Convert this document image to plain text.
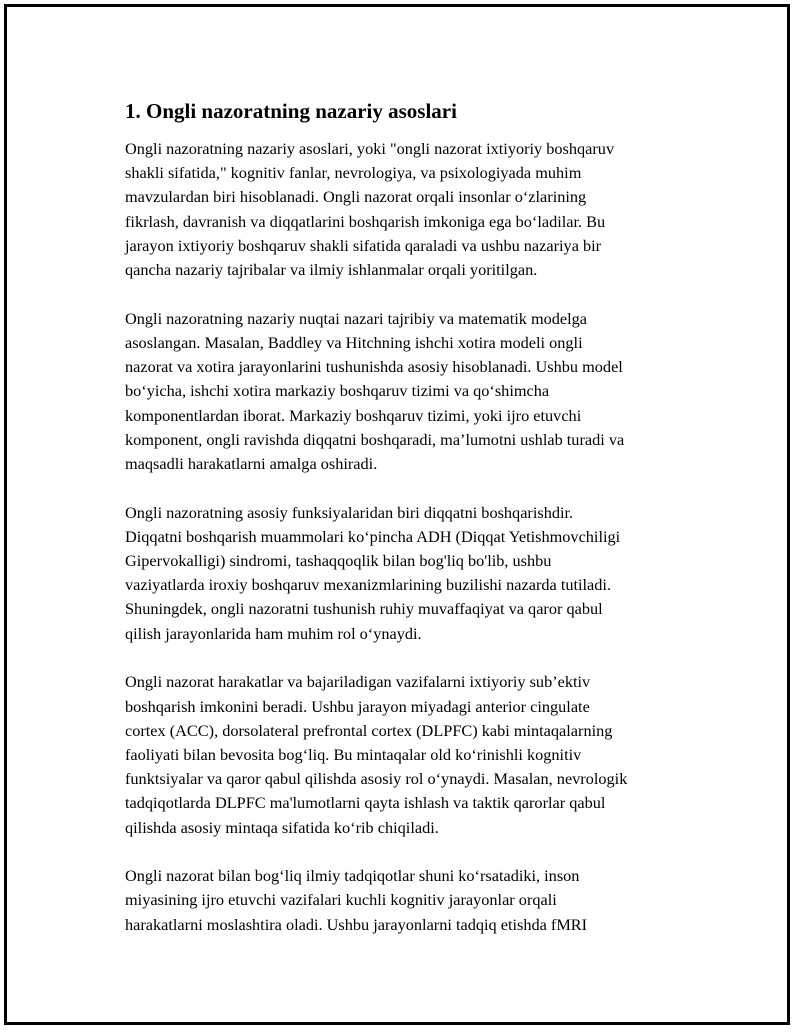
1. Ongli nazoratning nazariy asoslari

Ongli nazoratning nazariy asoslari, yoki "ongli nazorat ixtiyoriy boshqaruv
shakli sifatida," kognitiv fanlar, nevrologiya, va psixologiyada muhim
mavzulardan biri hisoblanadi. Ongli nazorat orqali insonlar o‘zlarining
fikrlash, davranish va diqqatlarini boshqarish imkoniga ega bo‘ladilar. Bu
jarayon ixtiyoriy boshqaruv shakli sifatida qaraladi va ushbu nazariya bir
qancha nazariy tajribalar va ilmiy ishlanmalar orqali yoritilgan.

Ongli nazoratning nazariy nuqtai nazari tajribiy va matematik modelga
asoslangan. Masalan, Baddley va Hitchning ishchi xotira modeli ongli
nazorat va xotira jarayonlarini tushunishda asosiy hisoblanadi. Ushbu model
bo‘yicha, ishchi xotira markaziy boshqaruv tizimi va qo‘shimcha
komponentlardan iborat. Markaziy boshqaruv tizimi, yoki ijro etuvchi
komponent, ongli ravishda diqqatni boshqaradi, ma’lumotni ushlab turadi va
maqsadli harakatlarni amalga oshiradi.

Ongli nazoratning asosiy funksiyalaridan biri diqqatni boshqarishdir.
Diqqatni boshqarish muammolari ko‘pincha ADH (Diqqat Yetishmovchiligi
Gipervokalligi) sindromi, tashaqqoqlik bilan bog'liq bo'lib, ushbu
vaziyatlarda iroxiy boshqaruv mexanizmlarining buzilishi nazarda tutiladi.
Shuningdek, ongli nazoratni tushunish ruhiy muvaffaqiyat va qaror qabul
qilish jarayonlarida ham muhim rol o‘ynaydi.

Ongli nazorat harakatlar va bajariladigan vazifalarni ixtiyoriy sub’ektiv
boshqarish imkonini beradi. Ushbu jarayon miyadagi anterior cingulate
cortex (ACC), dorsolateral prefrontal cortex (DLPFC) kabi mintaqalarning
faoliyati bilan bevosita bog‘liq. Bu mintaqalar old ko‘rinishli kognitiv
funktsiyalar va qaror qabul qilishda asosiy rol o‘ynaydi. Masalan, nevrologik
tadqiqotlarda DLPFC ma'lumotlarni qayta ishlash va taktik qarorlar qabul
qilishda asosiy mintaqa sifatida ko‘rib chiqiladi.

Ongli nazorat bilan bog‘liq ilmiy tadqiqotlar shuni ko‘rsatadiki, inson
miyasining ijro etuvchi vazifalari kuchli kognitiv jarayonlar orqali
harakatlarni moslashtira oladi. Ushbu jarayonlarni tadqiq etishda fMRI
